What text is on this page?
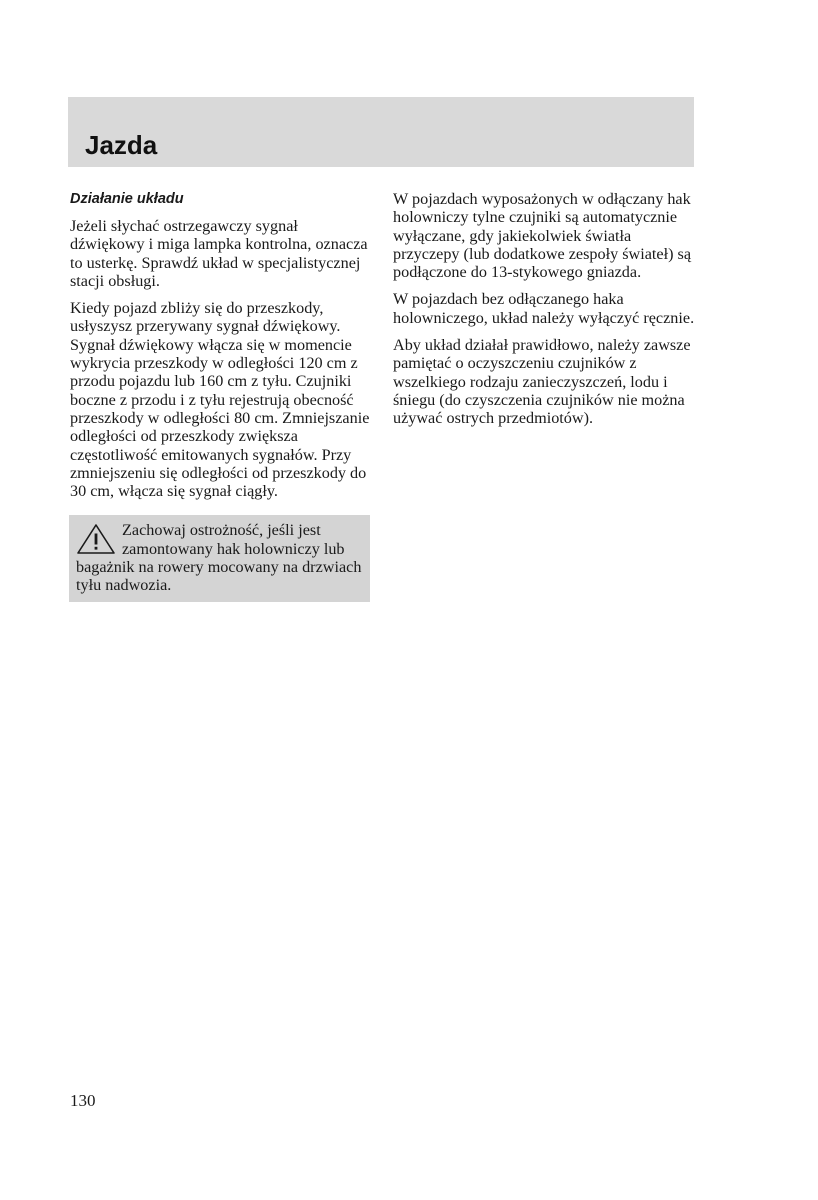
Jazda
Działanie układu

Jeżeli słychać ostrzegawczy sygnał dźwiękowy i miga lampka kontrolna, oznacza to usterkę. Sprawdź układ w specjalistycznej stacji obsługi.

Kiedy pojazd zbliży się do przeszkody, usłyszysz przerywany sygnał dźwiękowy. Sygnał dźwiękowy włącza się w momencie wykrycia przeszkody w odległości 120 cm z przodu pojazdu lub 160 cm z tyłu. Czujniki boczne z przodu i z tyłu rejestrują obecność przeszkody w odległości 80 cm. Zmniejszanie odległości od przeszkody zwiększa częstotliwość emitowanych sygnałów. Przy zmniejszeniu się odległości od przeszkody do 30 cm, włącza się sygnał ciągły.

Zachowaj ostrożność, jeśli jest zamontowany hak holowniczy lub bagażnik na rowery mocowany na drzwiach tyłu nadwozia.

W pojazdach wyposażonych w odłączany hak holowniczy tylne czujniki są automatycznie wyłączane, gdy jakiekolwiek światła przyczepy (lub dodatkowe zespoły świateł) są podłączone do 13-stykowego gniazda.

W pojazdach bez odłączanego haka holowniczego, układ należy wyłączyć ręcznie.

Aby układ działał prawidłowo, należy zawsze pamiętać o oczyszczeniu czujników z wszelkiego rodzaju zanieczyszczeń, lodu i śniegu (do czyszczenia czujników nie można używać ostrych przedmiotów).

130
